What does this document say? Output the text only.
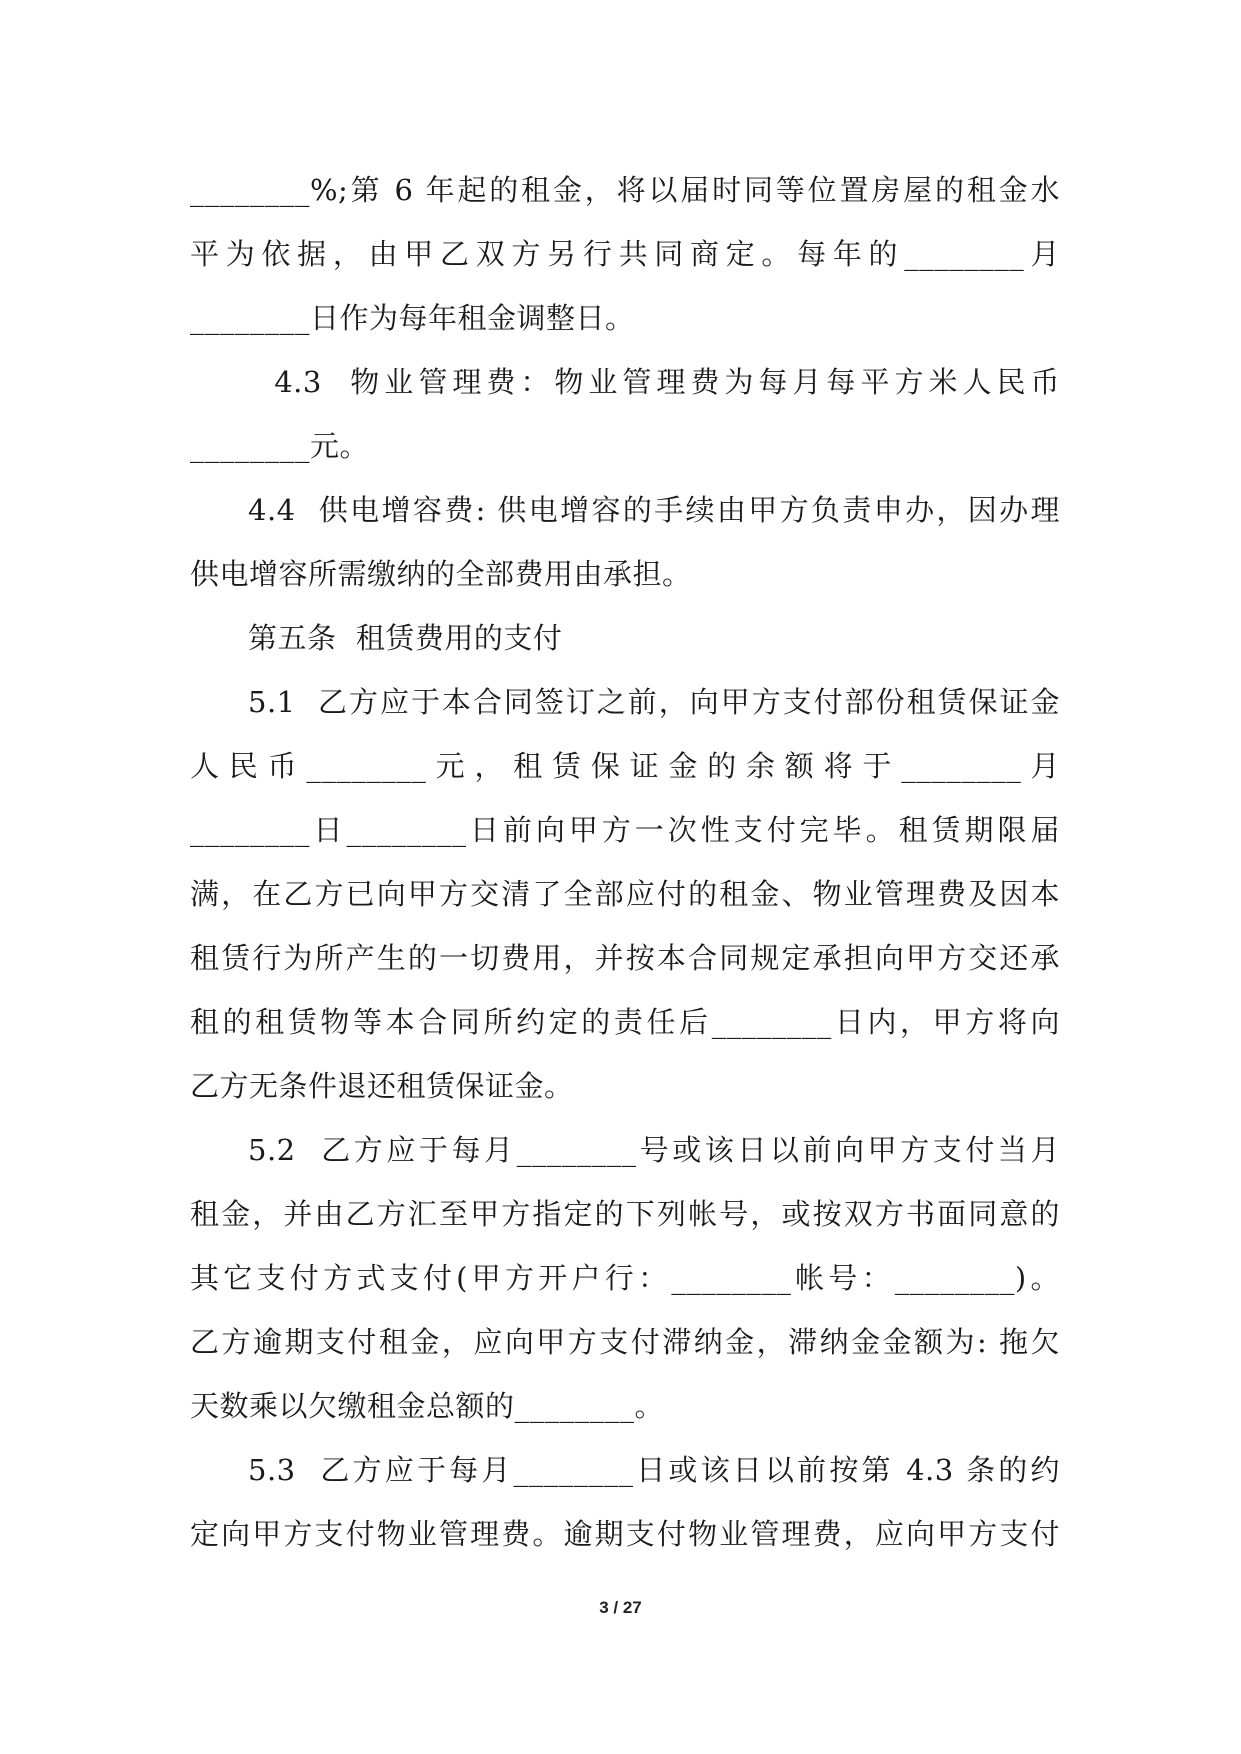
________%;第 6 年起的租金，将以届时同等位置房屋的租金水
平为依据，由甲乙双方另行共同商定。每年的________月
________日作为每年租金调整日。
4.3  物业管理费：物业管理费为每月每平方米人民币
________元。
4.4  供电增容费: 供电增容的手续由甲方负责申办，因办理
供电增容所需缴纳的全部费用由承担。
第五条  租赁费用的支付
5.1  乙方应于本合同签订之前，向甲方支付部份租赁保证金
人民币________元，租赁保证金的余额将于________月
________日________日前向甲方一次性支付完毕。租赁期限届
满，在乙方已向甲方交清了全部应付的租金、物业管理费及因本
租赁行为所产生的一切费用，并按本合同规定承担向甲方交还承
租的租赁物等本合同所约定的责任后________日内，甲方将向
乙方无条件退还租赁保证金。
5.2  乙方应于每月________号或该日以前向甲方支付当月
租金，并由乙方汇至甲方指定的下列帐号，或按双方书面同意的
其它支付方式支付(甲方开户行：________帐号：________)。
乙方逾期支付租金，应向甲方支付滞纳金，滞纳金金额为: 拖欠
天数乘以欠缴租金总额的________。
5.3  乙方应于每月________日或该日以前按第 4.3 条的约
定向甲方支付物业管理费。逾期支付物业管理费，应向甲方支付
3 / 27
